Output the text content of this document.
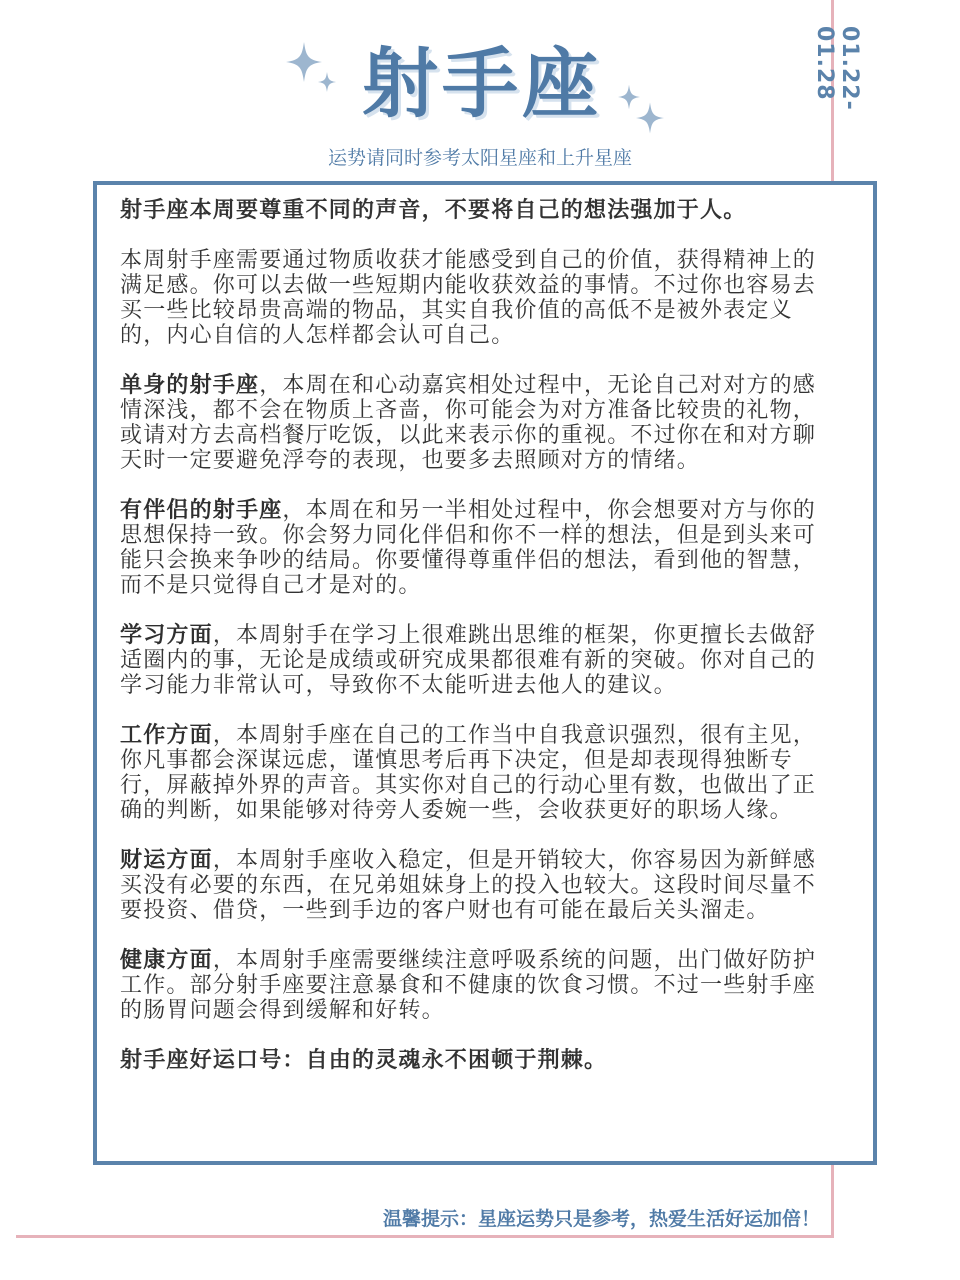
01.22-01.28
射手座
运势请同时参考太阳星座和上升星座

射手座本周要尊重不同的声音，不要将自己的想法强加于人。

本周射手座需要通过物质收获才能感受到自己的价值，获得精神上的满足感。你可以去做一些短期内能收获效益的事情。不过你也容易去买一些比较昂贵高端的物品，其实自我价值的高低不是被外表定义的，内心自信的人怎样都会认可自己。

单身的射手座，本周在和心动嘉宾相处过程中，无论自己对对方的感情深浅，都不会在物质上吝啬，你可能会为对方准备比较贵的礼物，或请对方去高档餐厅吃饭，以此来表示你的重视。不过你在和对方聊天时一定要避免浮夸的表现，也要多去照顾对方的情绪。

有伴侣的射手座，本周在和另一半相处过程中，你会想要对方与你的思想保持一致。你会努力同化伴侣和你不一样的想法，但是到头来可能只会换来争吵的结局。你要懂得尊重伴侣的想法，看到他的智慧，而不是只觉得自己才是对的。

学习方面，本周射手在学习上很难跳出思维的框架，你更擅长去做舒适圈内的事，无论是成绩或研究成果都很难有新的突破。你对自己的学习能力非常认可，导致你不太能听进去他人的建议。

工作方面，本周射手座在自己的工作当中自我意识强烈，很有主见，你凡事都会深谋远虑，谨慎思考后再下决定，但是却表现得独断专行，屏蔽掉外界的声音。其实你对自己的行动心里有数，也做出了正确的判断，如果能够对待旁人委婉一些，会收获更好的职场人缘。

财运方面，本周射手座收入稳定，但是开销较大，你容易因为新鲜感买没有必要的东西，在兄弟姐妹身上的投入也较大。这段时间尽量不要投资、借贷，一些到手边的客户财也有可能在最后关头溜走。

健康方面，本周射手座需要继续注意呼吸系统的问题，出门做好防护工作。部分射手座要注意暴食和不健康的饮食习惯。不过一些射手座的肠胃问题会得到缓解和好转。

射手座好运口号：自由的灵魂永不困顿于荆棘。

温馨提示：星座运势只是参考，热爱生活好运加倍！
